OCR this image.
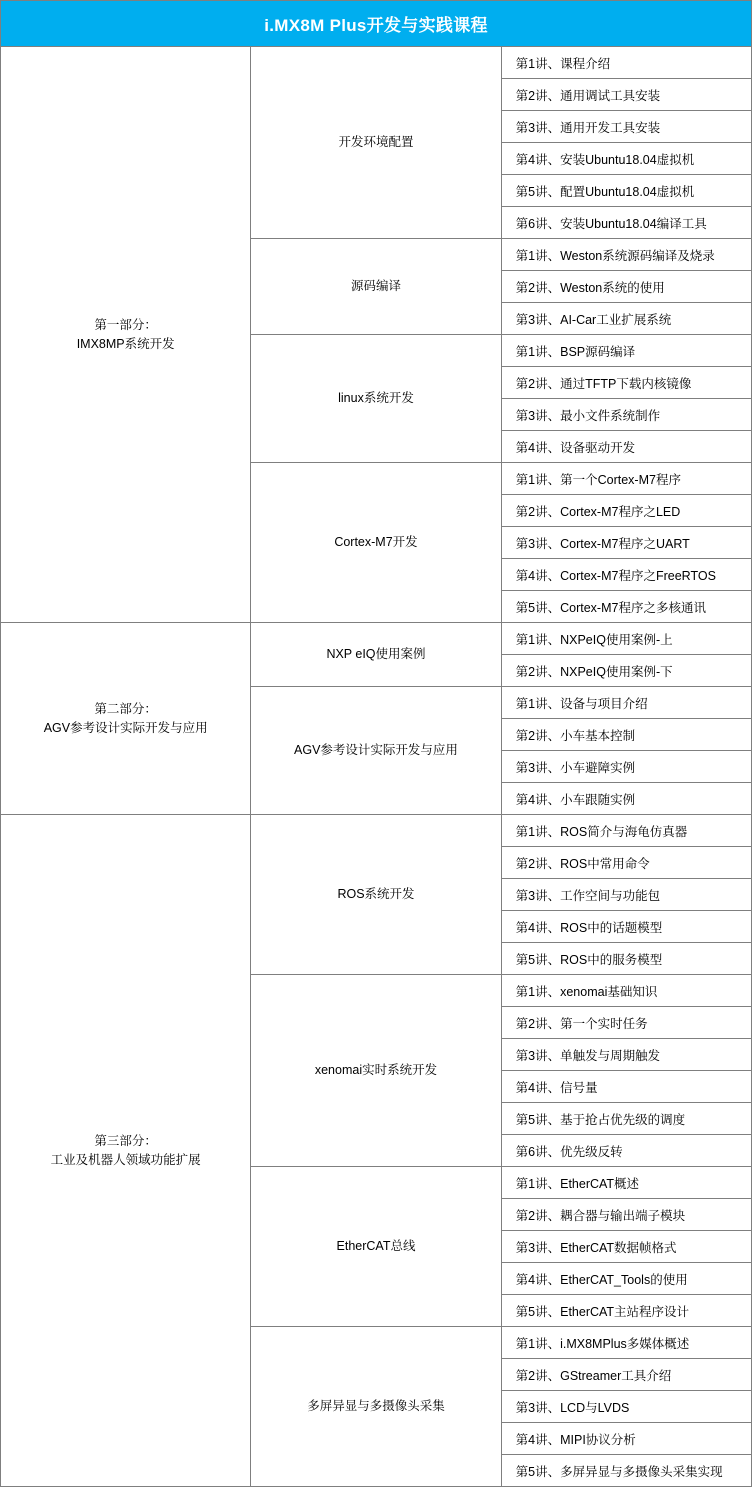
i.MX8M Plus开发与实践课程		

第一部分：
IMX8MP系统开发	开发环境配置	第1讲、课程介绍
		第2讲、通用调试工具安装
		第3讲、通用开发工具安装
		第4讲、安装Ubuntu18.04虚拟机
		第5讲、配置Ubuntu18.04虚拟机
		第6讲、安装Ubuntu18.04编译工具
	源码编译	第1讲、Weston系统源码编译及烧录
		第2讲、Weston系统的使用
		第3讲、AI-Car工业扩展系统
	linux系统开发	第1讲、BSP源码编译
		第2讲、通过TFTP下载内核镜像
		第3讲、最小文件系统制作
		第4讲、设备驱动开发
	Cortex-M7开发	第1讲、第一个Cortex-M7程序
		第2讲、Cortex-M7程序之LED
		第3讲、Cortex-M7程序之UART
		第4讲、Cortex-M7程序之FreeRTOS
		第5讲、Cortex-M7程序之多核通讯

第二部分：
AGV参考设计实际开发与应用	NXP eIQ使用案例	第1讲、NXPeIQ使用案例-上
		第2讲、NXPeIQ使用案例-下
	AGV参考设计实际开发与应用	第1讲、设备与项目介绍
		第2讲、小车基本控制
		第3讲、小车避障实例
		第4讲、小车跟随实例

第三部分：
工业及机器人领域功能扩展	ROS系统开发	第1讲、ROS简介与海龟仿真器
		第2讲、ROS中常用命令
		第3讲、工作空间与功能包
		第4讲、ROS中的话题模型
		第5讲、ROS中的服务模型
	xenomai实时系统开发	第1讲、xenomai基础知识
		第2讲、第一个实时任务
		第3讲、单触发与周期触发
		第4讲、信号量
		第5讲、基于抢占优先级的调度
		第6讲、优先级反转
	EtherCAT总线	第1讲、EtherCAT概述
		第2讲、耦合器与输出端子模块
		第3讲、EtherCAT数据帧格式
		第4讲、EtherCAT_Tools的使用
		第5讲、EtherCAT主站程序设计
	多屏异显与多摄像头采集	第1讲、i.MX8MPlus多媒体概述
		第2讲、GStreamer工具介绍
		第3讲、LCD与LVDS
		第4讲、MIPI协议分析
		第5讲、多屏异显与多摄像头采集实现
